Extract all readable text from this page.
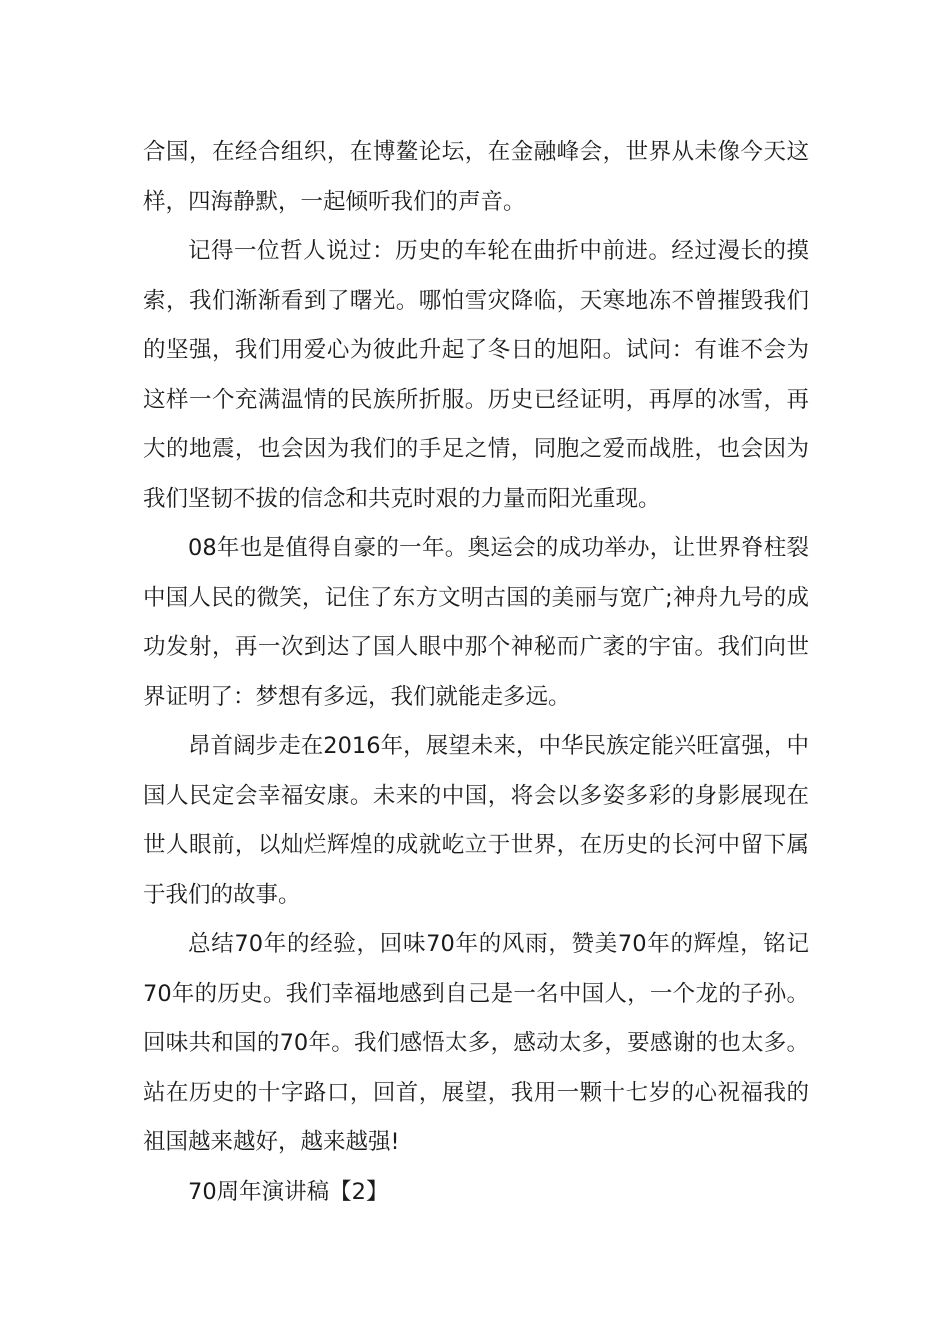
合国，在经合组织，在博鳌论坛，在金融峰会，世界从未像今天这样，四海静默，一起倾听我们的声音。

记得一位哲人说过：历史的车轮在曲折中前进。经过漫长的摸索，我们渐渐看到了曙光。哪怕雪灾降临，天寒地冻不曾摧毁我们的坚强，我们用爱心为彼此升起了冬日的旭阳。试问：有谁不会为这样一个充满温情的民族所折服。历史已经证明，再厚的冰雪，再大的地震，也会因为我们的手足之情，同胞之爱而战胜，也会因为我们坚韧不拔的信念和共克时艰的力量而阳光重现。

08年也是值得自豪的一年。奥运会的成功举办，让世界脊柱裂中国人民的微笑，记住了东方文明古国的美丽与宽广;神舟九号的成功发射，再一次到达了国人眼中那个神秘而广袤的宇宙。我们向世界证明了：梦想有多远，我们就能走多远。

昂首阔步走在2016年，展望未来，中华民族定能兴旺富强，中国人民定会幸福安康。未来的中国，将会以多姿多彩的身影展现在世人眼前，以灿烂辉煌的成就屹立于世界，在历史的长河中留下属于我们的故事。

总结70年的经验，回味70年的风雨，赞美70年的辉煌，铭记70年的历史。我们幸福地感到自己是一名中国人，一个龙的子孙。回味共和国的70年。我们感悟太多，感动太多，要感谢的也太多。站在历史的十字路口，回首，展望，我用一颗十七岁的心祝福我的祖国越来越好，越来越强!

70周年演讲稿【2】
